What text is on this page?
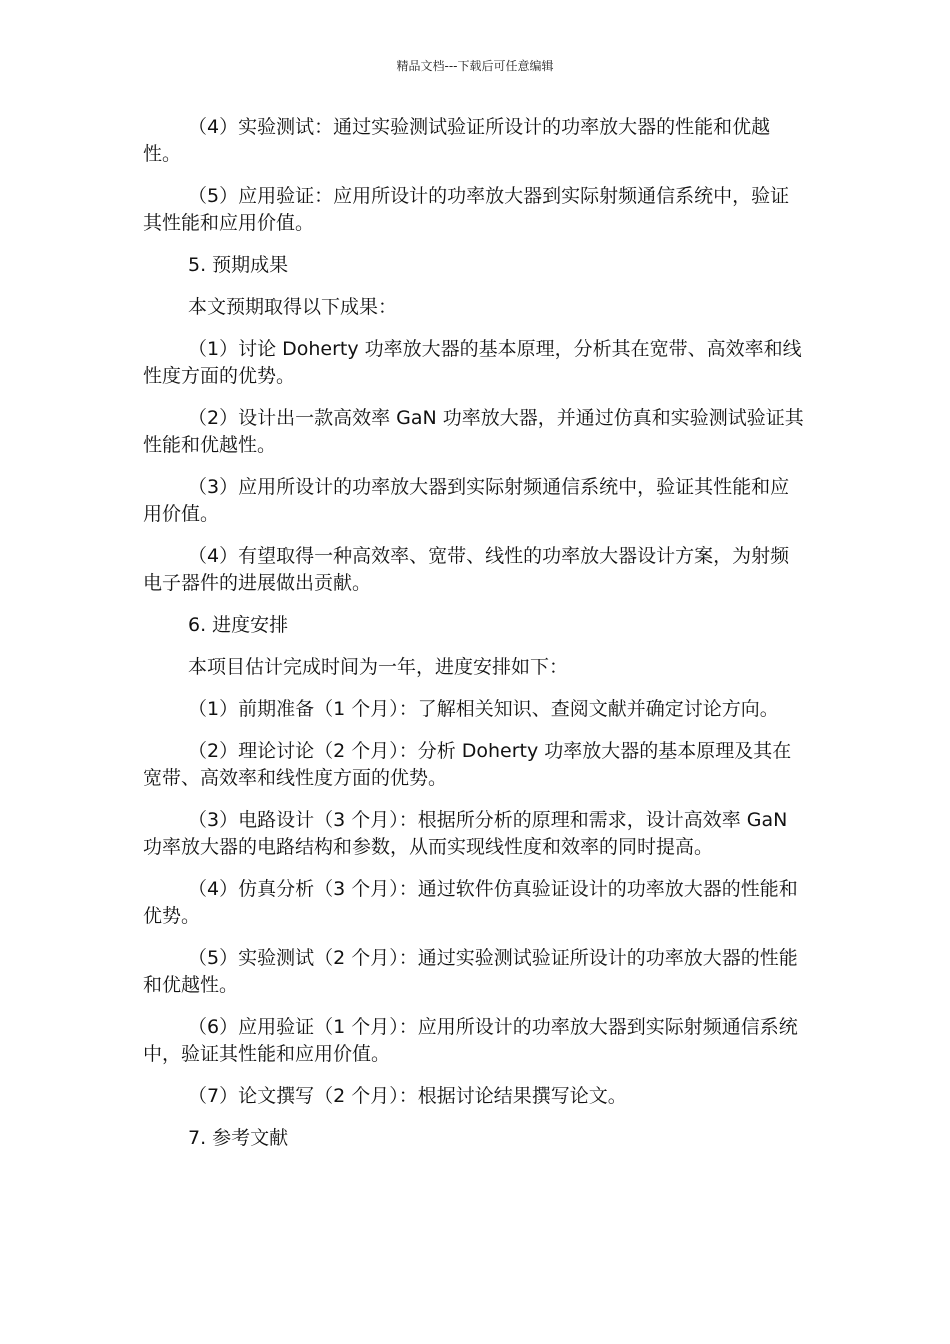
精品文档---下载后可任意编辑

（4）实验测试：通过实验测试验证所设计的功率放大器的性能和优越性。

（5）应用验证：应用所设计的功率放大器到实际射频通信系统中，验证其性能和应用价值。

5. 预期成果

本文预期取得以下成果：

（1）讨论 Doherty 功率放大器的基本原理，分析其在宽带、高效率和线性度方面的优势。

（2）设计出一款高效率 GaN 功率放大器，并通过仿真和实验测试验证其性能和优越性。

（3）应用所设计的功率放大器到实际射频通信系统中，验证其性能和应用价值。

（4）有望取得一种高效率、宽带、线性的功率放大器设计方案，为射频电子器件的进展做出贡献。

6. 进度安排

本项目估计完成时间为一年，进度安排如下：

（1）前期准备（1 个月）：了解相关知识、查阅文献并确定讨论方向。

（2）理论讨论（2 个月）：分析 Doherty 功率放大器的基本原理及其在宽带、高效率和线性度方面的优势。

（3）电路设计（3 个月）：根据所分析的原理和需求，设计高效率 GaN 功率放大器的电路结构和参数，从而实现线性度和效率的同时提高。

（4）仿真分析（3 个月）：通过软件仿真验证设计的功率放大器的性能和优势。

（5）实验测试（2 个月）：通过实验测试验证所设计的功率放大器的性能和优越性。

（6）应用验证（1 个月）：应用所设计的功率放大器到实际射频通信系统中，验证其性能和应用价值。

（7）论文撰写（2 个月）：根据讨论结果撰写论文。

7. 参考文献
